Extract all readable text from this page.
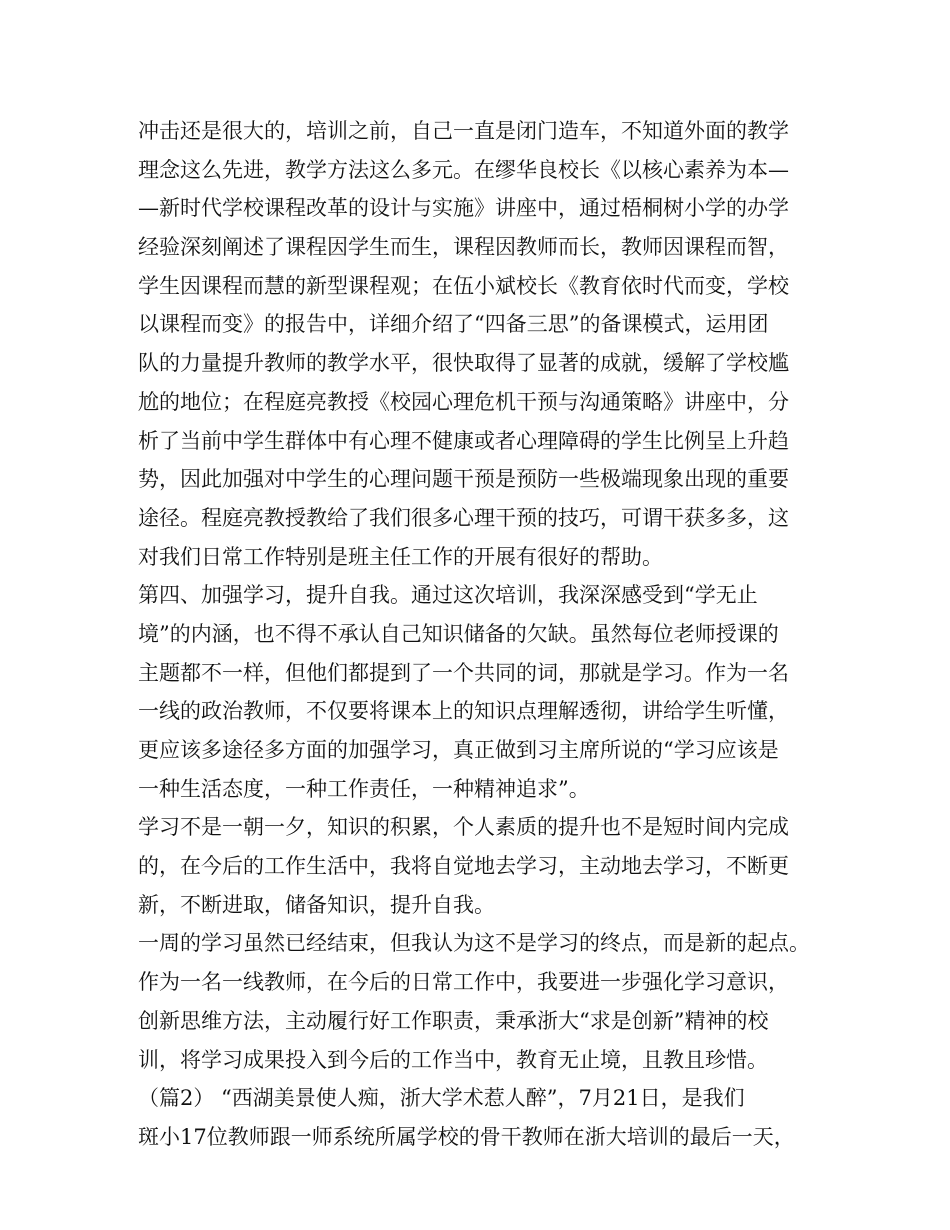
冲击还是很大的，培训之前，自己一直是闭门造车，不知道外面的教学
理念这么先进，教学方法这么多元。在缪华良校长《以核心素养为本—
—新时代学校课程改革的设计与实施》讲座中，通过梧桐树小学的办学
经验深刻阐述了课程因学生而生，课程因教师而长，教师因课程而智，
学生因课程而慧的新型课程观；在伍小斌校长《教育依时代而变，学校
以课程而变》的报告中，详细介绍了“四备三思”的备课模式，运用团
队的力量提升教师的教学水平，很快取得了显著的成就，缓解了学校尴
尬的地位；在程庭亮教授《校园心理危机干预与沟通策略》讲座中，分
析了当前中学生群体中有心理不健康或者心理障碍的学生比例呈上升趋
势，因此加强对中学生的心理问题干预是预防一些极端现象出现的重要
途径。程庭亮教授教给了我们很多心理干预的技巧，可谓干获多多，这
对我们日常工作特别是班主任工作的开展有很好的帮助。
第四、加强学习，提升自我。通过这次培训，我深深感受到“学无止
境”的内涵，也不得不承认自己知识储备的欠缺。虽然每位老师授课的
主题都不一样，但他们都提到了一个共同的词，那就是学习。作为一名
一线的政治教师，不仅要将课本上的知识点理解透彻，讲给学生听懂，
更应该多途径多方面的加强学习，真正做到习主席所说的“学习应该是
一种生活态度，一种工作责任，一种精神追求”。
学习不是一朝一夕，知识的积累，个人素质的提升也不是短时间内完成
的，在今后的工作生活中，我将自觉地去学习，主动地去学习，不断更
新，不断进取，储备知识，提升自我。
一周的学习虽然已经结束，但我认为这不是学习的终点，而是新的起点。
作为一名一线教师，在今后的日常工作中，我要进一步强化学习意识，
创新思维方法，主动履行好工作职责，秉承浙大“求是创新”精神的校
训，将学习成果投入到今后的工作当中，教育无止境，且教且珍惜。
（篇2） “西湖美景使人痴，浙大学术惹人醉”，7月21日，是我们
斑小17位教师跟一师系统所属学校的骨干教师在浙大培训的最后一天，
